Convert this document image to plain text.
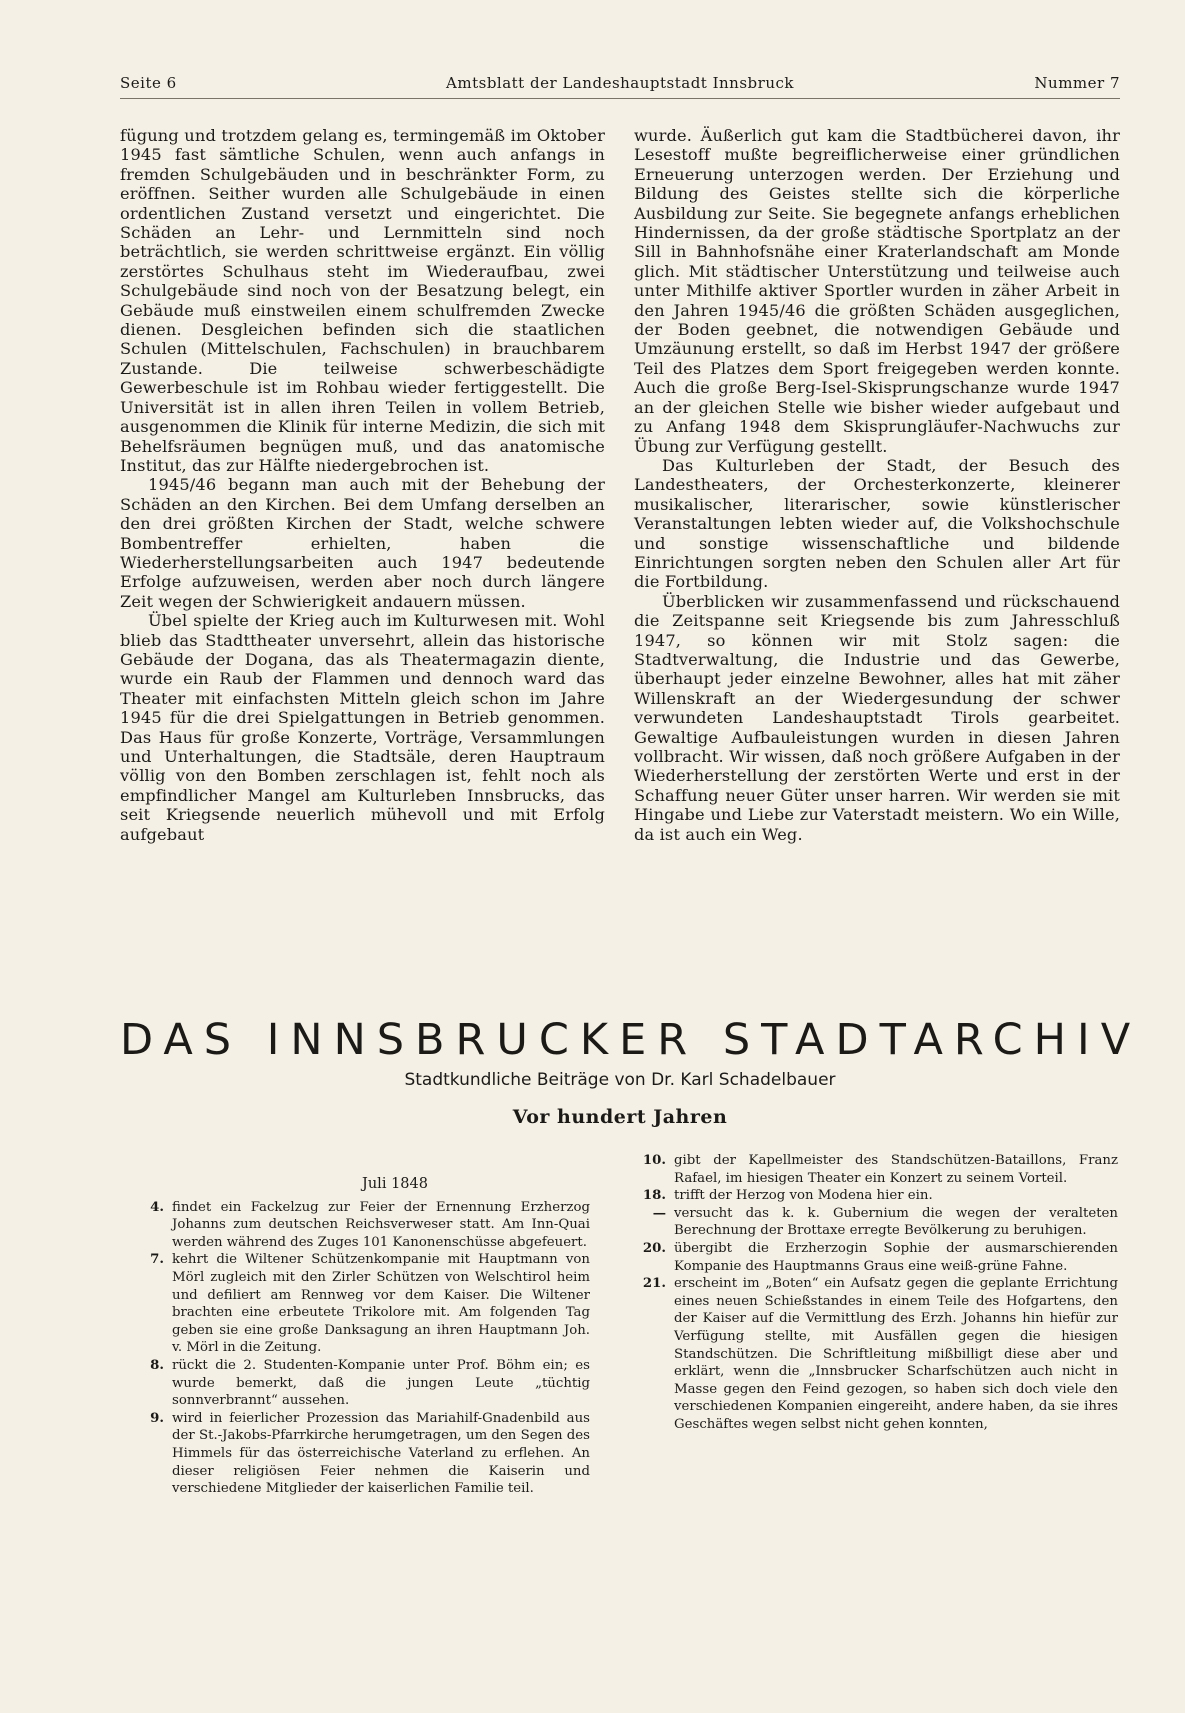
Seite 6	Amtsblatt der Landeshauptstadt Innsbruck	Nummer 7

fügung und trotzdem gelang es, termingemäß im Oktober 1945 fast sämtliche Schulen, wenn auch anfangs in fremden Schulgebäuden und in beschränkter Form, zu eröffnen. Seither wurden alle Schulgebäude in einen ordentlichen Zustand versetzt und eingerichtet. Die Schäden an Lehr- und Lernmitteln sind noch beträchtlich, sie werden schrittweise ergänzt. Ein völlig zerstörtes Schulhaus steht im Wiederaufbau, zwei Schulgebäude sind noch von der Besatzung belegt, ein Gebäude muß einstweilen einem schulfremden Zwecke dienen. Desgleichen befinden sich die staatlichen Schulen (Mittelschulen, Fachschulen) in brauchbarem Zustande. Die teilweise schwerbeschädigte Gewerbeschule ist im Rohbau wieder fertiggestellt. Die Universität ist in allen ihren Teilen in vollem Betrieb, ausgenommen die Klinik für interne Medizin, die sich mit Behelfsräumen begnügen muß, und das anatomische Institut, das zur Hälfte niedergebrochen ist.

1945/46 begann man auch mit der Behebung der Schäden an den Kirchen. Bei dem Umfang derselben an den drei größten Kirchen der Stadt, welche schwere Bombentreffer erhielten, haben die Wiederherstellungsarbeiten auch 1947 bedeutende Erfolge aufzuweisen, werden aber noch durch längere Zeit wegen der Schwierigkeit andauern müssen.

Übel spielte der Krieg auch im Kulturwesen mit. Wohl blieb das Stadttheater unversehrt, allein das historische Gebäude der Dogana, das als Theatermagazin diente, wurde ein Raub der Flammen und dennoch ward das Theater mit einfachsten Mitteln gleich schon im Jahre 1945 für die drei Spielgattungen in Betrieb genommen. Das Haus für große Konzerte, Vorträge, Versammlungen und Unterhaltungen, die Stadtsäle, deren Hauptraum völlig von den Bomben zerschlagen ist, fehlt noch als empfindlicher Mangel am Kulturleben Innsbrucks, das seit Kriegsende neuerlich mühevoll und mit Erfolg aufgebaut

wurde. Äußerlich gut kam die Stadtbücherei davon, ihr Lesestoff mußte begreiflicherweise einer gründlichen Erneuerung unterzogen werden. Der Erziehung und Bildung des Geistes stellte sich die körperliche Ausbildung zur Seite. Sie begegnete anfangs erheblichen Hindernissen, da der große städtische Sportplatz an der Sill in Bahnhofsnähe einer Kraterlandschaft am Monde glich. Mit städtischer Unterstützung und teilweise auch unter Mithilfe aktiver Sportler wurden in zäher Arbeit in den Jahren 1945/46 die größten Schäden ausgeglichen, der Boden geebnet, die notwendigen Gebäude und Umzäunung erstellt, so daß im Herbst 1947 der größere Teil des Platzes dem Sport freigegeben werden konnte. Auch die große Berg-Isel-Skisprungschanze wurde 1947 an der gleichen Stelle wie bisher wieder aufgebaut und zu Anfang 1948 dem Skisprungläufer-Nachwuchs zur Übung zur Verfügung gestellt.

Das Kulturleben der Stadt, der Besuch des Landestheaters, der Orchesterkonzerte, kleinerer musikalischer, literarischer, sowie künstlerischer Veranstaltungen lebten wieder auf, die Volkshochschule und sonstige wissenschaftliche und bildende Einrichtungen sorgten neben den Schulen aller Art für die Fortbildung.

Überblicken wir zusammenfassend und rückschauend die Zeitspanne seit Kriegsende bis zum Jahresschluß 1947, so können wir mit Stolz sagen: die Stadtverwaltung, die Industrie und das Gewerbe, überhaupt jeder einzelne Bewohner, alles hat mit zäher Willenskraft an der Wiedergesundung der schwer verwundeten Landeshauptstadt Tirols gearbeitet. Gewaltige Aufbauleistungen wurden in diesen Jahren vollbracht. Wir wissen, daß noch größere Aufgaben in der Wiederherstellung der zerstörten Werte und erst in der Schaffung neuer Güter unser harren. Wir werden sie mit Hingabe und Liebe zur Vaterstadt meistern. Wo ein Wille, da ist auch ein Weg.

DAS INNSBRUCKER STADTARCHIV
Stadtkundliche Beiträge von Dr. Karl Schadelbauer
Vor hundert Jahren
Juli 1848
4. findet ein Fackelzug zur Feier der Ernennung Erzherzog Johanns zum deutschen Reichsverweser statt. Am Inn-Quai werden während des Zuges 101 Kanonenschüsse abgefeuert.
7. kehrt die Wiltener Schützenkompanie mit Hauptmann von Mörl zugleich mit den Zirler Schützen von Welschtirol heim und defiliert am Rennweg vor dem Kaiser. Die Wiltener brachten eine erbeutete Trikolore mit. Am folgenden Tag geben sie eine große Danksagung an ihren Hauptmann Joh. v. Mörl in die Zeitung.
8. rückt die 2. Studenten-Kompanie unter Prof. Böhm ein; es wurde bemerkt, daß die jungen Leute „tüchtig sonnverbrannt“ aussehen.
9. wird in feierlicher Prozession das Mariahilf-Gnadenbild aus der St.-Jakobs-Pfarrkirche herumgetragen, um den Segen des Himmels für das österreichische Vaterland zu erflehen. An dieser religiösen Feier nehmen die Kaiserin und verschiedene Mitglieder der kaiserlichen Familie teil.
10. gibt der Kapellmeister des Standschützen-Bataillons, Franz Rafael, im hiesigen Theater ein Konzert zu seinem Vorteil.
18. trifft der Herzog von Modena hier ein.
— versucht das k. k. Gubernium die wegen der veralteten Berechnung der Brottaxe erregte Bevölkerung zu beruhigen.
20. übergibt die Erzherzogin Sophie der ausmarschierenden Kompanie des Hauptmanns Graus eine weiß-grüne Fahne.
21. erscheint im „Boten“ ein Aufsatz gegen die geplante Errichtung eines neuen Schießstandes in einem Teile des Hofgartens, den der Kaiser auf die Vermittlung des Erzh. Johanns hin hiefür zur Verfügung stellte, mit Ausfällen gegen die hiesigen Standschützen. Die Schriftleitung mißbilligt diese aber und erklärt, wenn die „Innsbrucker Scharfschützen auch nicht in Masse gegen den Feind gezogen, so haben sich doch viele den verschiedenen Kompanien eingereiht, andere haben, da sie ihres Geschäftes wegen selbst nicht gehen konnten,
